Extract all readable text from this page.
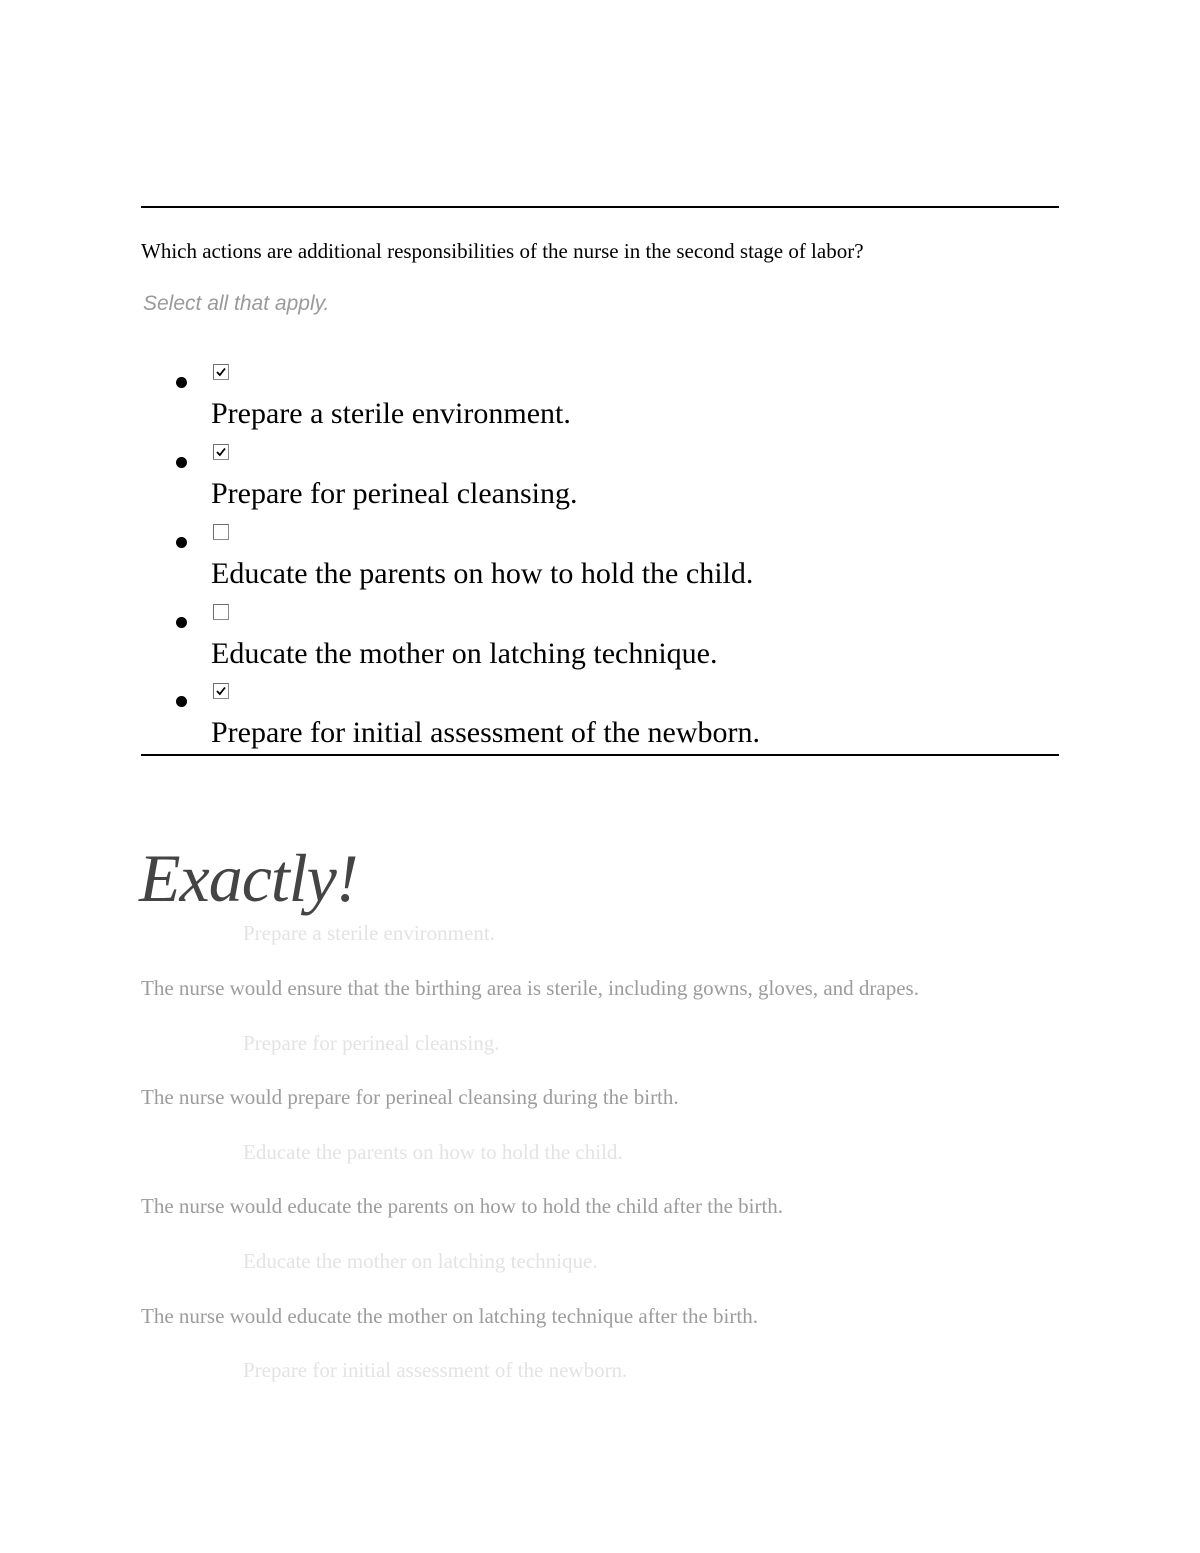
Which actions are additional responsibilities of the nurse in the second stage of labor?
Select all that apply.
Prepare a sterile environment.
Prepare for perineal cleansing.
Educate the parents on how to hold the child.
Educate the mother on latching technique.
Prepare for initial assessment of the newborn.
Exactly!
Prepare a sterile environment.
The nurse would ensure that the birthing area is sterile, including gowns, gloves, and drapes.
Prepare for perineal cleansing.
The nurse would prepare for perineal cleansing during the birth.
Educate the parents on how to hold the child.
The nurse would educate the parents on how to hold the child after the birth.
Educate the mother on latching technique.
The nurse would educate the mother on latching technique after the birth.
Prepare for initial assessment of the newborn.
